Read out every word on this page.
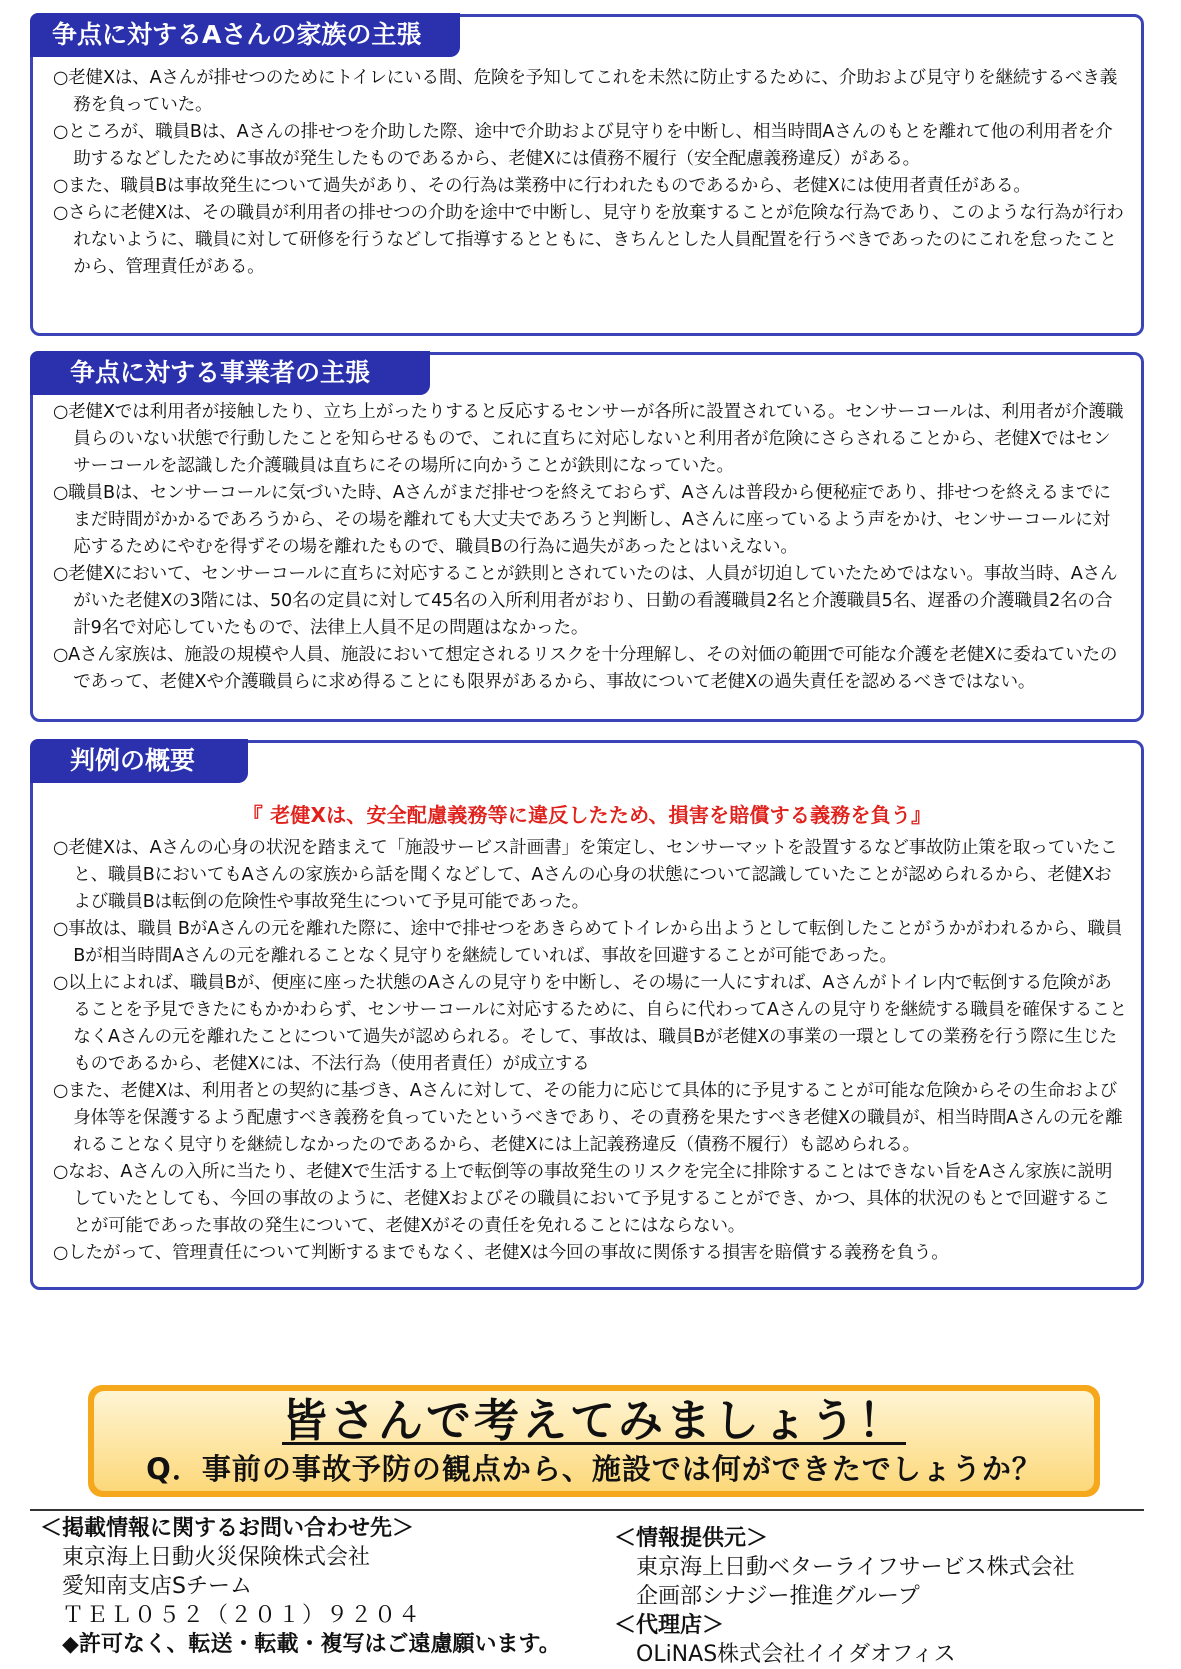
争点に対するAさんの家族の主張

○老健Xは、Aさんが排せつのためにトイレにいる間、危険を予知してこれを未然に防止するために、介助および見守りを継続するべき義務を負っていた。

○ところが、職員Bは、Aさんの排せつを介助した際、途中で介助および見守りを中断し、相当時間Aさんのもとを離れて他の利用者を介助するなどしたために事故が発生したものであるから、老健Xには債務不履行（安全配慮義務違反）がある。

○また、職員Bは事故発生について過失があり、その行為は業務中に行われたものであるから、老健Xには使用者責任がある。

○さらに老健Xは、その職員が利用者の排せつの介助を途中で中断し、見守りを放棄することが危険な行為であり、このような行為が行われないように、職員に対して研修を行うなどして指導するとともに、きちんとした人員配置を行うべきであったのにこれを怠ったことから、管理責任がある。

争点に対する事業者の主張

○老健Xでは利用者が接触したり、立ち上がったりすると反応するセンサーが各所に設置されている。センサーコールは、利用者が介護職員らのいない状態で行動したことを知らせるもので、これに直ちに対応しないと利用者が危険にさらされることから、老健Xではセンサーコールを認識した介護職員は直ちにその場所に向かうことが鉄則になっていた。

○職員Bは、センサーコールに気づいた時、Aさんがまだ排せつを終えておらず、Aさんは普段から便秘症であり、排せつを終えるまでにまだ時間がかかるであろうから、その場を離れても大丈夫であろうと判断し、Aさんに座っているよう声をかけ、センサーコールに対応するためにやむを得ずその場を離れたもので、職員Bの行為に過失があったとはいえない。

○老健Xにおいて、センサーコールに直ちに対応することが鉄則とされていたのは、人員が切迫していたためではない。事故当時、Aさんがいた老健Xの3階には、50名の定員に対して45名の入所利用者がおり、日勤の看護職員2名と介護職員5名、遅番の介護職員2名の合計9名で対応していたもので、法律上人員不足の問題はなかった。

○Aさん家族は、施設の規模や人員、施設において想定されるリスクを十分理解し、その対価の範囲で可能な介護を老健Xに委ねていたのであって、老健Xや介護職員らに求め得ることにも限界があるから、事故について老健Xの過失責任を認めるべきではない。

判例の概要
『 老健Xは、安全配慮義務等に違反したため、損害を賠償する義務を負う』

○老健Xは、Aさんの心身の状況を踏まえて「施設サービス計画書」を策定し、センサーマットを設置するなど事故防止策を取っていたこと、職員BにおいてもAさんの家族から話を聞くなどして、Aさんの心身の状態について認識していたことが認められるから、老健Xおよび職員Bは転倒の危険性や事故発生について予見可能であった。

○事故は、職員 BがAさんの元を離れた際に、途中で排せつをあきらめてトイレから出ようとして転倒したことがうかがわれるから、職員Bが相当時間Aさんの元を離れることなく見守りを継続していれば、事故を回避することが可能であった。

○以上によれば、職員Bが、便座に座った状態のAさんの見守りを中断し、その場に一人にすれば、Aさんがトイレ内で転倒する危険があることを予見できたにもかかわらず、センサーコールに対応するために、自らに代わってAさんの見守りを継続する職員を確保することなくAさんの元を離れたことについて過失が認められる。そして、事故は、職員Bが老健Xの事業の一環としての業務を行う際に生じたものであるから、老健Xには、不法行為（使用者責任）が成立する

○また、老健Xは、利用者との契約に基づき、Aさんに対して、その能力に応じて具体的に予見することが可能な危険からその生命および身体等を保護するよう配慮すべき義務を負っていたというべきであり、その責務を果たすべき老健Xの職員が、相当時間Aさんの元を離れることなく見守りを継続しなかったのであるから、老健Xには上記義務違反（債務不履行）も認められる。

○なお、Aさんの入所に当たり、老健Xで生活する上で転倒等の事故発生のリスクを完全に排除することはできない旨をAさん家族に説明していたとしても、今回の事故のように、老健Xおよびその職員において予見することができ、かつ、具体的状況のもとで回避することが可能であった事故の発生について、老健Xがその責任を免れることにはならない。

○したがって、管理責任について判断するまでもなく、老健Xは今回の事故に関係する損害を賠償する義務を負う。

皆さんで考えてみましょう！
Q．事前の事故予防の観点から、施設では何ができたでしょうか？
＜掲載情報に関するお問い合わせ先＞
東京海上日動火災保険株式会社
愛知南支店Sチーム
ＴＥＬ０５２（２０１）９２０４
◆許可なく、転送・転載・複写はご遠慮願います。
＜情報提供元＞
東京海上日動ベターライフサービス株式会社
企画部シナジー推進グループ
＜代理店＞
OLiNAS株式会社イイダオフィス
